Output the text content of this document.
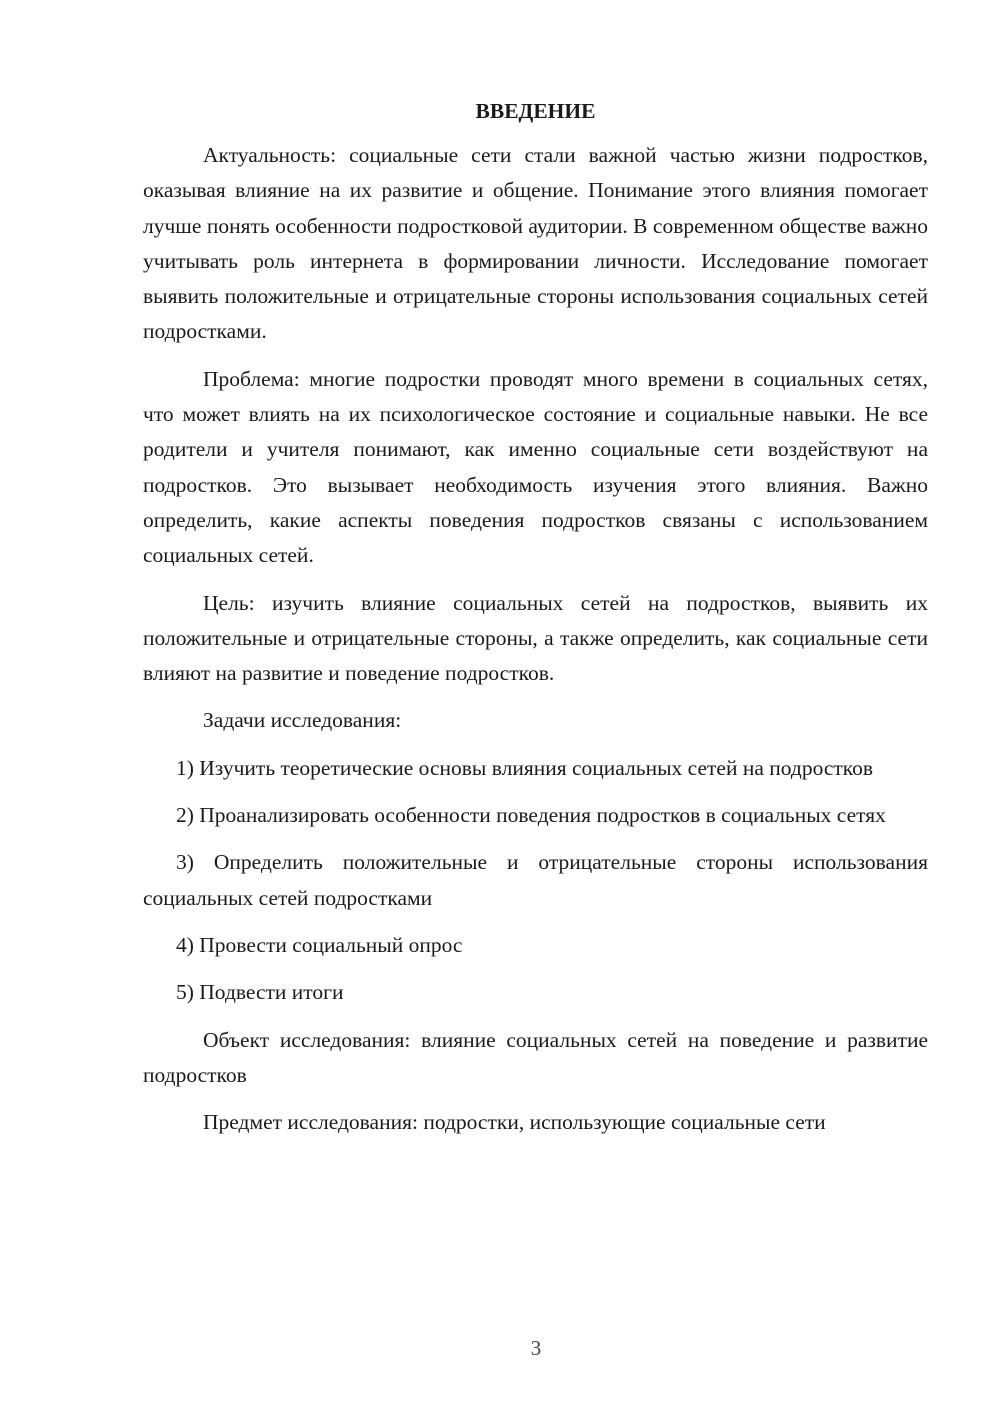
ВВЕДЕНИЕ

Актуальность: социальные сети стали важной частью жизни подростков, оказывая влияние на их развитие и общение. Понимание этого влияния помогает лучше понять особенности подростковой аудитории. В современном обществе важно учитывать роль интернета в формировании личности. Исследование помогает выявить положительные и отрицательные стороны использования социальных сетей подростками.

Проблема: многие подростки проводят много времени в социальных сетях, что может влиять на их психологическое состояние и социальные навыки. Не все родители и учителя понимают, как именно социальные сети воздействуют на подростков. Это вызывает необходимость изучения этого влияния. Важно определить, какие аспекты поведения подростков связаны с использованием социальных сетей.

Цель: изучить влияние социальных сетей на подростков, выявить их положительные и отрицательные стороны, а также определить, как социальные сети влияют на развитие и поведение подростков.

Задачи исследования:

1) Изучить теоретические основы влияния социальных сетей на подростков

2) Проанализировать особенности поведения подростков в социальных сетях

3) Определить положительные и отрицательные стороны использования социальных сетей подростками

4) Провести социальный опрос

5) Подвести итоги

Объект исследования: влияние социальных сетей на поведение и развитие подростков

Предмет исследования: подростки, использующие социальные сети

3
